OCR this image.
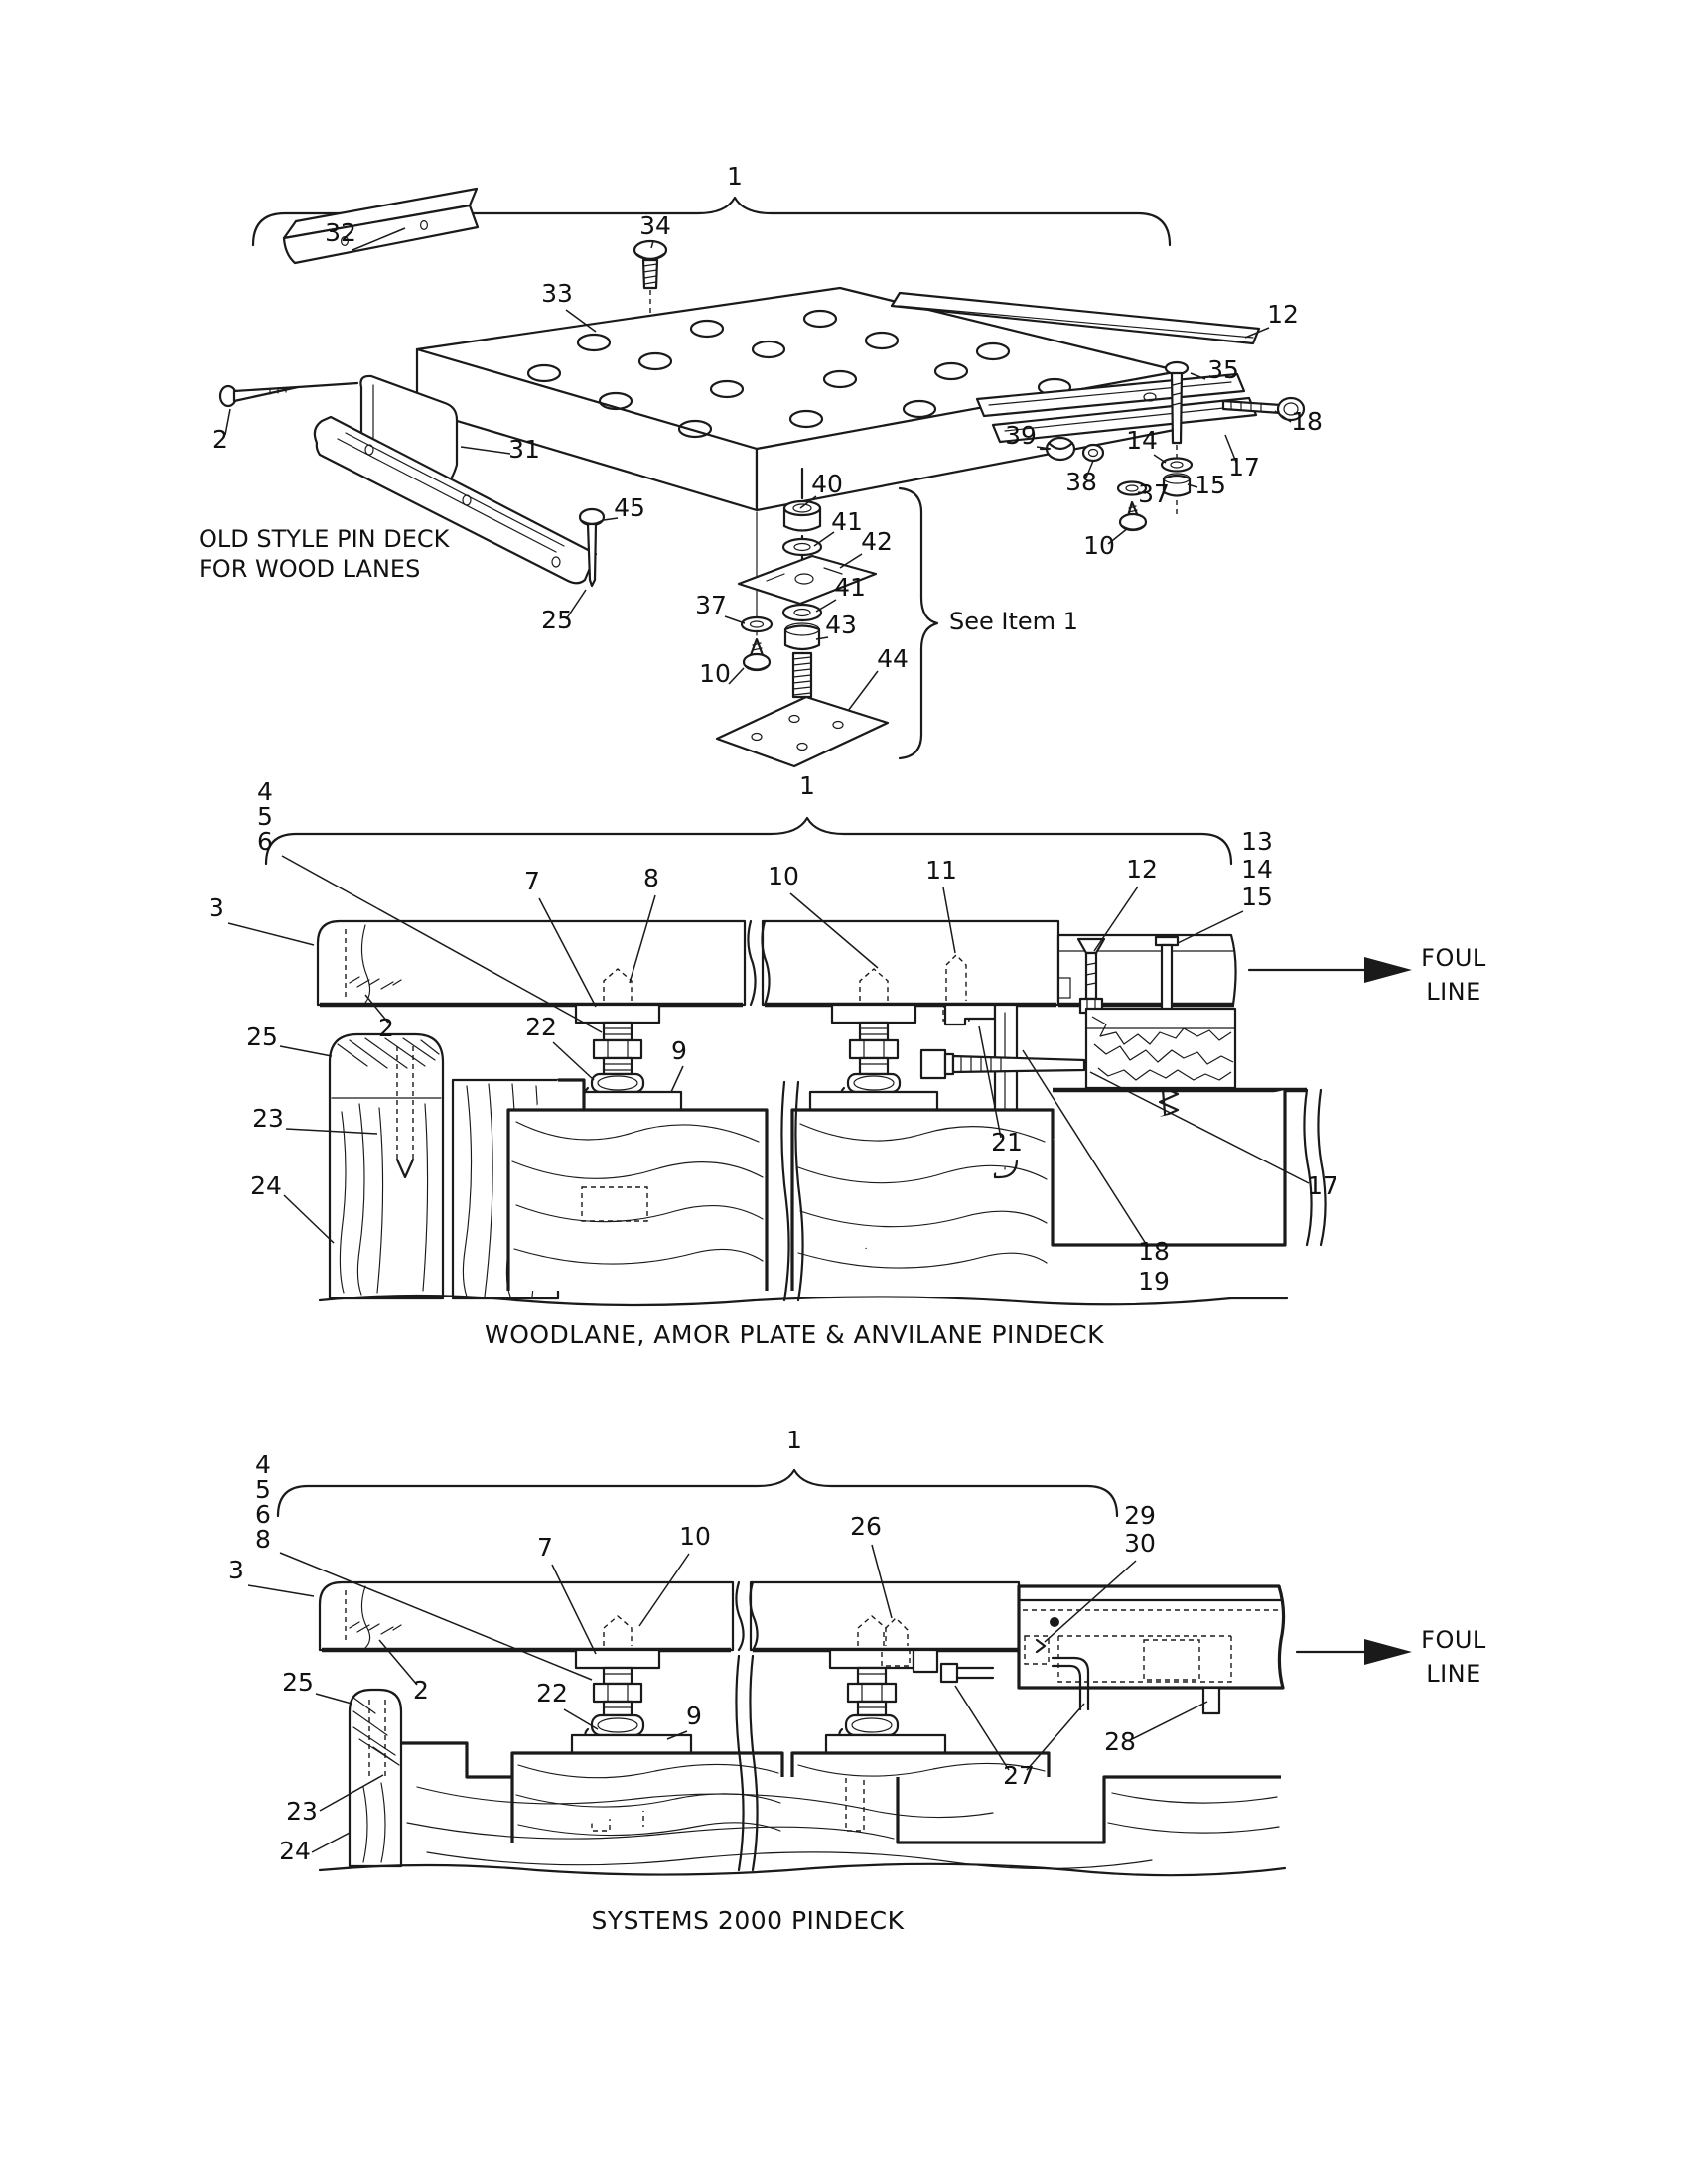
1
32	34
33
12
35
18
2	39	14
17
38	15
37
31
45
40
41
42	10
41
37
43
44
10
25	See Item 1
OLD STYLE PIN DECK
FOR WOOD LANES
4
5
6
1
3
7	8	10	11	12
13
14
15
2
25	22
9
23
24
21
17
18
19
FOUL
LINE
WOODLANE, AMOR PLATE & ANVILANE PINDECK
4
5
6
8
1
3
7	10	26	29
30
2
25	22
9
23
24
27
28
FOUL
LINE
SYSTEMS 2000 PINDECK
